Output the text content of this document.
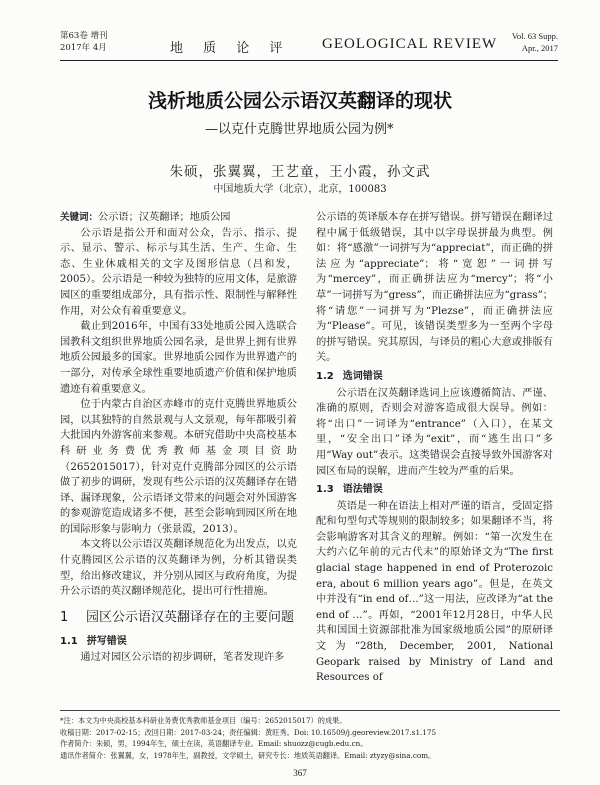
第63卷 增刊
2017年 4月	地 质 论 评 GEOLOGICAL REVIEW Vol. 63 Supp.
Apr., 2017
浅析地质公园公示语汉英翻译的现状
—以克什克腾世界地质公园为例*
朱硕，张翼翼，王艺童，王小霞，孙文武
中国地质大学（北京），北京，100083
关键词：公示语；汉英翻译；地质公园

公示语是指公开和面对公众，告示、指示、提示、显示、警示、标示与其生活、生产、生命、生态、生业休戚相关的文字及图形信息（吕和发，2005）。公示语是一种较为独特的应用文体，是旅游园区的重要组成部分，具有指示性、限制性与解释性作用，对公众有着重要意义。

截止到2016年，中国有33处地质公园入选联合国教科文组织世界地质公园名录，是世界上拥有世界地质公园最多的国家。世界地质公园作为世界遗产的一部分，对传承全球性重要地质遗产价值和保护地质遗迹有着重要意义。

位于内蒙古自治区赤峰市的克什克腾世界地质公园，以其独特的自然景观与人文景观，每年都吸引着大批国内外游客前来参观。本研究借助中央高校基本科研业务费优秀教师基金项目资助（2652015017），针对克什克腾部分园区的公示语做了初步的调研，发现有些公示语的汉英翻译存在错译、漏译现象，公示语译文带来的问题会对外国游客的参观游览造成诸多不便，甚至会影响到园区所在地的国际形象与影响力（张景霞，2013）。

本文将以公示语汉英翻译规范化为出发点，以克什克腾园区公示语的汉英翻译为例，分析其错误类型，给出修改建议，并分别从园区与政府角度，为提升公示语的英汉翻译规范化，提出可行性措施。

1	园区公示语汉英翻译存在的主要问题
1.1 拼写错误

通过对园区公示语的初步调研，笔者发现许多

公示语的英译版本存在拼写错误。拼写错误在翻译过程中属于低级错误，其中以字母误拼最为典型。例如：将“感激”一词拼写为“appreciat”，而正确的拼法应为“appreciate”；将“宽恕”一词拼写为“mercey”，而正确拼法应为“mercy”；将“小草”一词拼写为“gress”，而正确拼法应为“grass”；将“请您”一词拼写为“Plezse”，而正确拼法应为“Please”。可见，该错误类型多为一至两个字母的拼写错误。究其原因，与译员的粗心大意或排版有关。

1.2 选词错误

公示语在汉英翻译选词上应该遵循简洁、严谨、准确的原则，否则会对游客造成很大误导。例如：将“出口”一词译为“entrance”（入口），在某文里，“安全出口”译为“exit”，而“逃生出口”多用“Way out”表示。这类错误会直接导致外国游客对园区布局的误解，进而产生较为严重的后果。

1.3 语法错误

英语是一种在语法上相对严谨的语言，受固定搭配和句型句式等规则的限制较多；如果翻译不当，将会影响游客对其含义的理解。例如：“第一次发生在大约六亿年前的元古代末”的原始译文为“The first glacial stage happened in end of Proterozoic era, about 6 million years ago”。但是，在英文中并没有“in end of…”这一用法，应改译为“at the end of …”。再如，“2001年12月28日，中华人民共和国国土资源部批准为国家级地质公园”的原研译文为“28th, December, 2001, National Geopark raised by Ministry of Land and Resources of

*注：本文为中央高校基本科研业务费优秀教师基金项目（编号：2652015017）的成果。
收稿日期：2017-02-15；改回日期：2017-03-24；责任编辑：黄旺秀。Doi: 10.16509/j.georeview.2017.s1.175
作者简介：朱硕，男，1994年生，硕士在读，英语翻译专业。Email: shuozz@cugb.edu.cn。
通讯作者简介：张翼翼，女，1978年生，副教授，文学硕士，研究专长：地质英语翻译。Email: ztyzy@sina.com。
367
